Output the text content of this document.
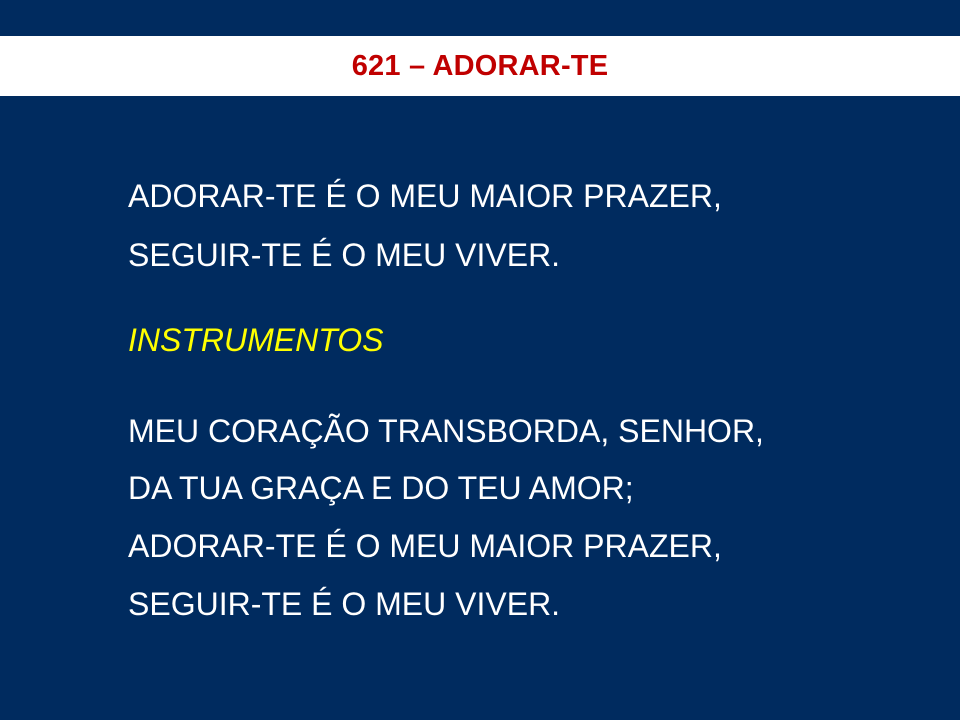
621 – ADORAR-TE

ADORAR-TE É O MEU MAIOR PRAZER,

SEGUIR-TE É O MEU VIVER.

INSTRUMENTOS

MEU CORAÇÃO TRANSBORDA, SENHOR,

DA TUA GRAÇA E DO TEU AMOR;

ADORAR-TE É O MEU MAIOR PRAZER,

SEGUIR-TE É O MEU VIVER.
